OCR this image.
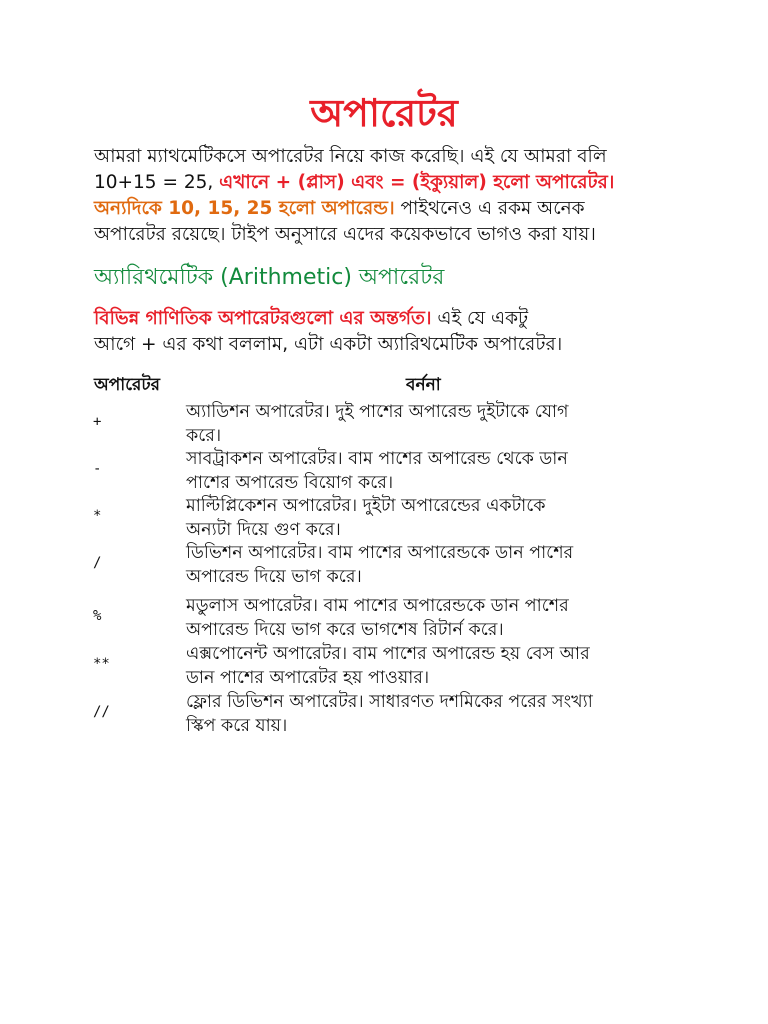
অপারেটর
আমরা ম্যাথমেটিকসে অপারেটর নিয়ে কাজ করেছি। এই যে আমরা বলি
10+15 = 25, এখানে + (প্লাস) এবং = (ইক্যুয়াল) হলো অপারেটর।
অন্যদিকে 10, 15, 25 হলো অপারেন্ড। পাইথনেও এ রকম অনেক
অপারেটর রয়েছে। টাইপ অনুসারে এদের কয়েকভাবে ভাগও করা যায়।
অ্যারিথমেটিক (Arithmetic) অপারেটর
বিভিন্ন গাণিতিক অপারেটরগুলো এর অন্তর্গত। এই যে একটু
আগে + এর কথা বললাম, এটা একটা অ্যারিথমেটিক অপারেটর।
অপারেটর	বর্ননা
+	অ্যাডিশন অপারেটর। দুই পাশের অপারেন্ড দুইটাকে যোগ
করে।
-	সাবট্রাকশন অপারেটর। বাম পাশের অপারেন্ড থেকে ডান
পাশের অপারেন্ড বিয়োগ করে।
*	মাল্টিপ্লিকেশন অপারেটর। দুইটা অপারেন্ডের একটাকে
অন্যটা দিয়ে গুণ করে।
/	ডিভিশন অপারেটর। বাম পাশের অপারেন্ডকে ডান পাশের
অপারেন্ড দিয়ে ভাগ করে।
%	মডুলাস অপারেটর। বাম পাশের অপারেন্ডকে ডান পাশের
অপারেন্ড দিয়ে ভাগ করে ভাগশেষ রিটার্ন করে।
**	এক্সপোনেন্ট অপারেটর। বাম পাশের অপারেন্ড হয় বেস আর
ডান পাশের অপারেটর হয় পাওয়ার।
//	ফ্লোর ডিভিশন অপারেটর। সাধারণত দশমিকের পরের সংখ্যা
স্কিপ করে যায়।
